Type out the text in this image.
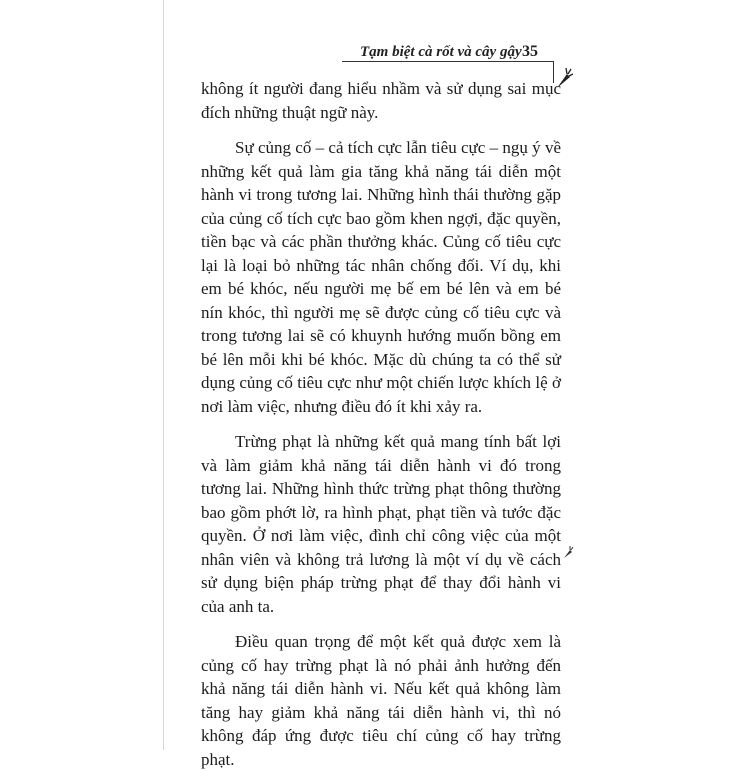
Tạm biệt cà rốt và cây gậy 35

không ít người đang hiểu nhầm và sử dụng sai mục đích những thuật ngữ này.

Sự củng cố – cả tích cực lẫn tiêu cực – ngụ ý về những kết quả làm gia tăng khả năng tái diễn một hành vi trong tương lai. Những hình thái thường gặp của củng cố tích cực bao gồm khen ngợi, đặc quyền, tiền bạc và các phần thưởng khác. Củng cố tiêu cực lại là loại bỏ những tác nhân chống đối. Ví dụ, khi em bé khóc, nếu người mẹ bế em bé lên và em bé nín khóc, thì người mẹ sẽ được củng cố tiêu cực và trong tương lai sẽ có khuynh hướng muốn bồng em bé lên mỗi khi bé khóc. Mặc dù chúng ta có thể sử dụng củng cố tiêu cực như một chiến lược khích lệ ở nơi làm việc, nhưng điều đó ít khi xảy ra.

Trừng phạt là những kết quả mang tính bất lợi và làm giảm khả năng tái diễn hành vi đó trong tương lai. Những hình thức trừng phạt thông thường bao gồm phớt lờ, ra hình phạt, phạt tiền và tước đặc quyền. Ở nơi làm việc, đình chỉ công việc của một nhân viên và không trả lương là một ví dụ về cách sử dụng biện pháp trừng phạt để thay đổi hành vi của anh ta.

Điều quan trọng để một kết quả được xem là củng cố hay trừng phạt là nó phải ảnh hưởng đến khả năng tái diễn hành vi. Nếu kết quả không làm tăng hay giảm khả năng tái diễn hành vi, thì nó không đáp ứng được tiêu chí củng cố hay trừng phạt.
